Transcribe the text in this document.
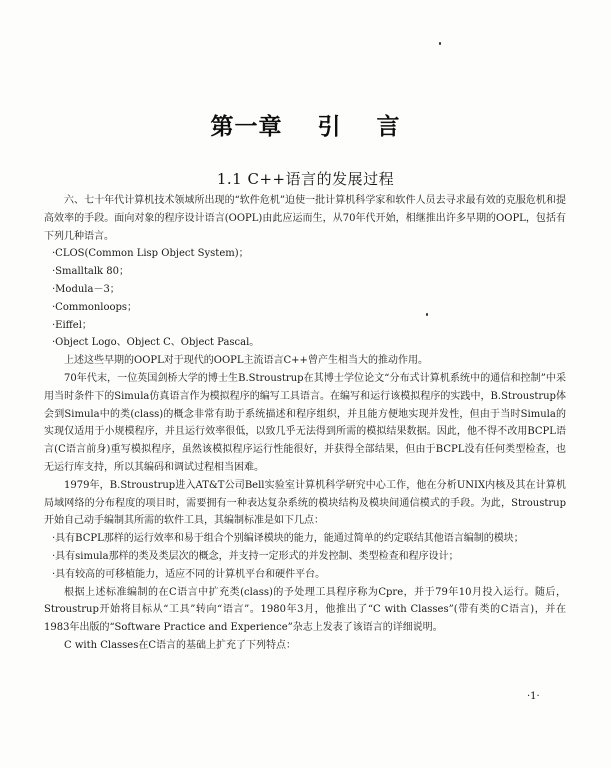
第一章 引 言
1.1 C++语言的发展过程

六、七十年代计算机技术领域所出现的“软件危机”迫使一批计算机科学家和软件人员去寻求最有效的克服危机和提高效率的手段。面向对象的程序设计语言(OOPL)由此应运而生，从70年代开始，相继推出许多早期的OOPL，包括有下列几种语言。

·CLOS(Common Lisp Object System)；
·Smalltalk 80；
·Modula－3；
·Commonloops；
·Eiffel；
·Object Logo、Object C、Object Pascal。

上述这些早期的OOPL对于现代的OOPL主流语言C++曾产生相当大的推动作用。

70年代末，一位英国剑桥大学的博士生B.Stroustrup在其博士学位论文“分布式计算机系统中的通信和控制”中采用当时条件下的Simula仿真语言作为模拟程序的编写工具语言。在编写和运行该模拟程序的实践中，B.Stroustrup体会到Simula中的类(class)的概念非常有助于系统描述和程序组织，并且能方便地实现并发性，但由于当时Simula的实现仅适用于小规模程序，并且运行效率很低，以致几乎无法得到所需的模拟结果数据。因此，他不得不改用BCPL语言(C语言前身)重写模拟程序，虽然该模拟程序运行性能很好，并获得全部结果，但由于BCPL没有任何类型检查，也无运行库支持，所以其编码和调试过程相当困难。

1979年，B.Stroustrup进入AT&T公司Bell实验室计算机科学研究中心工作，他在分析UNIX内核及其在计算机局域网络的分布程度的项目时，需要拥有一种表达复杂系统的模块结构及模块间通信模式的手段。为此，Stroustrup开始自己动手编制其所需的软件工具，其编制标准是如下几点：

·具有BCPL那样的运行效率和易于组合个别编译模块的能力，能通过简单的约定联结其他语言编制的模块；
·具有simula那样的类及类层次的概念，并支持一定形式的并发控制、类型检查和程序设计；
·具有较高的可移植能力，适应不同的计算机平台和硬件平台。

根据上述标准编制的在C语言中扩充类(class)的予处理工具程序称为Cpre，并于79年10月投入运行。随后，Stroustrup开始将目标从“工具”转向“语言”。1980年3月，他推出了“C with Classes”(带有类的C语言)，并在1983年出版的“Software Practice and Experience”杂志上发表了该语言的详细说明。

C with Classes在C语言的基础上扩充了下列特点：

·1·
